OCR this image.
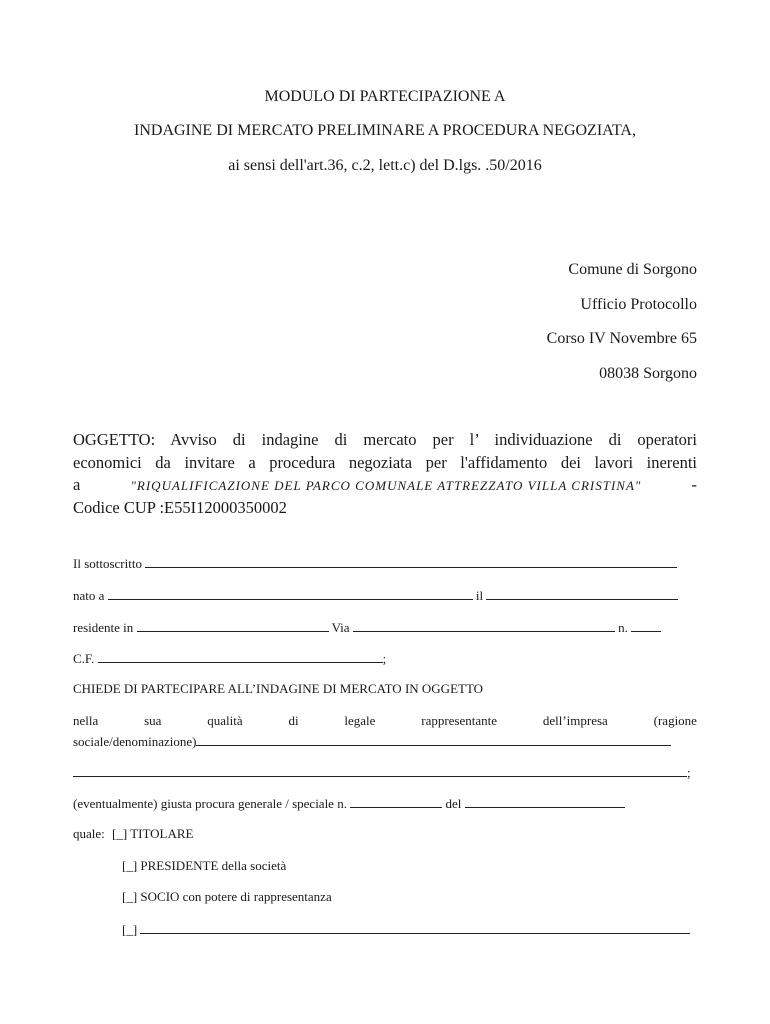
MODULO DI PARTECIPAZIONE A
INDAGINE DI MERCATO PRELIMINARE A PROCEDURA NEGOZIATA,
ai sensi dell'art.36, c.2, lett.c) del D.lgs. .50/2016
Comune di Sorgono
Ufficio Protocollo
Corso IV Novembre 65
08038 Sorgono
OGGETTO: Avviso di indagine di mercato per l’ individuazione di operatori
economici da invitare a procedura negoziata per l'affidamento dei lavori inerenti
a	"RIQUALIFICAZIONE DEL PARCO COMUNALE ATTREZZATO VILLA CRISTINA"	-
Codice CUP :E55I12000350002
Il sottoscritto
nato a	il
residente in	Via	n.
C.F.	;
CHIEDE DI PARTECIPARE ALL’INDAGINE DI MERCATO IN OGGETTO
nella	sua	qualità	di	legale	rappresentante	dell’impresa	(ragione
sociale/denominazione)
;
(eventualmente) giusta procura generale / speciale n.	del
quale: [_] TITOLARE
[_] PRESIDENTE della società
[_] SOCIO con potere di rappresentanza
[_]
